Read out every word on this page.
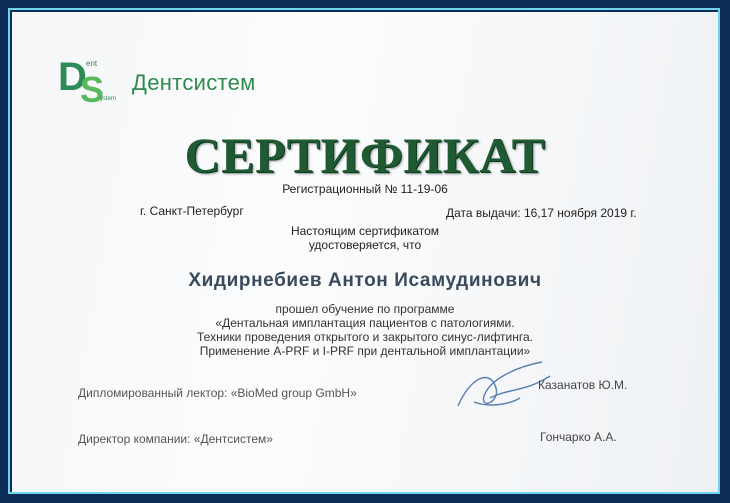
D
S
ent
ystem
Дентсистем
СЕРТИФИКАТ
Регистрационный № 11-19-06
г. Санкт-Петербург	Дата выдачи: 16,17 ноября 2019 г.
Настоящим сертификатом
удостоверяется, что
Хидирнебиев Антон Исамудинович
прошел обучение по программе
«Дентальная имплантация пациентов с патологиями.
Техники проведения открытого и закрытого синус-лифтинга.
Применение A-PRF и I-PRF при дентальной имплантации»
Дипломированный лектор: «BioMed group GmbH»
Казанатов Ю.М.
Директор компании: «Дентсистем»	Гончарко А.А.
